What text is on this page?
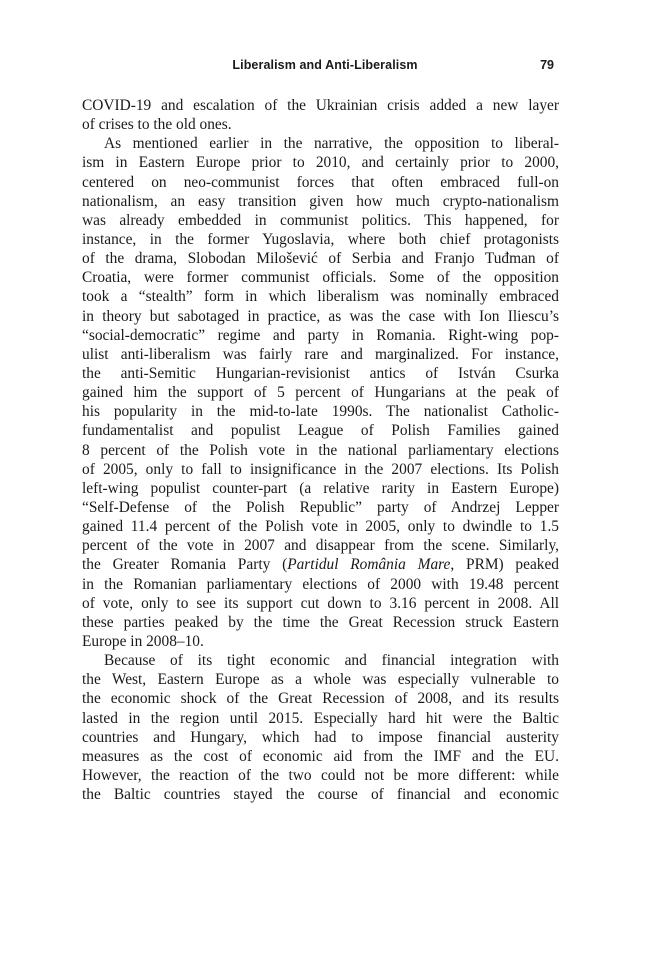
Liberalism and Anti-Liberalism	79
COVID-19 and escalation of the Ukrainian crisis added a new layer
of crises to the old ones.
As mentioned earlier in the narrative, the opposition to liberal-
ism in Eastern Europe prior to 2010, and certainly prior to 2000,
centered on neo-communist forces that often embraced full-on
nationalism, an easy transition given how much crypto-nationalism
was already embedded in communist politics. This happened, for
instance, in the former Yugoslavia, where both chief protagonists
of the drama, Slobodan Milošević of Serbia and Franjo Tuđman of
Croatia, were former communist officials. Some of the opposition
took a “stealth” form in which liberalism was nominally embraced
in theory but sabotaged in practice, as was the case with Ion Iliescu’s
“social-democratic” regime and party in Romania. Right-wing pop-
ulist anti-liberalism was fairly rare and marginalized. For instance,
the anti-Semitic Hungarian-revisionist antics of István Csurka
gained him the support of 5 percent of Hungarians at the peak of
his popularity in the mid-to-late 1990s. The nationalist Catholic-
fundamentalist and populist League of Polish Families gained
8 percent of the Polish vote in the national parliamentary elections
of 2005, only to fall to insignificance in the 2007 elections. Its Polish
left-wing populist counter-part (a relative rarity in Eastern Europe)
“Self-Defense of the Polish Republic” party of Andrzej Lepper
gained 11.4 percent of the Polish vote in 2005, only to dwindle to 1.5
percent of the vote in 2007 and disappear from the scene. Similarly,
the Greater Romania Party (Partidul România Mare, PRM) peaked
in the Romanian parliamentary elections of 2000 with 19.48 percent
of vote, only to see its support cut down to 3.16 percent in 2008. All
these parties peaked by the time the Great Recession struck Eastern
Europe in 2008–10.
Because of its tight economic and financial integration with
the West, Eastern Europe as a whole was especially vulnerable to
the economic shock of the Great Recession of 2008, and its results
lasted in the region until 2015. Especially hard hit were the Baltic
countries and Hungary, which had to impose financial austerity
measures as the cost of economic aid from the IMF and the EU.
However, the reaction of the two could not be more different: while
the Baltic countries stayed the course of financial and economic
